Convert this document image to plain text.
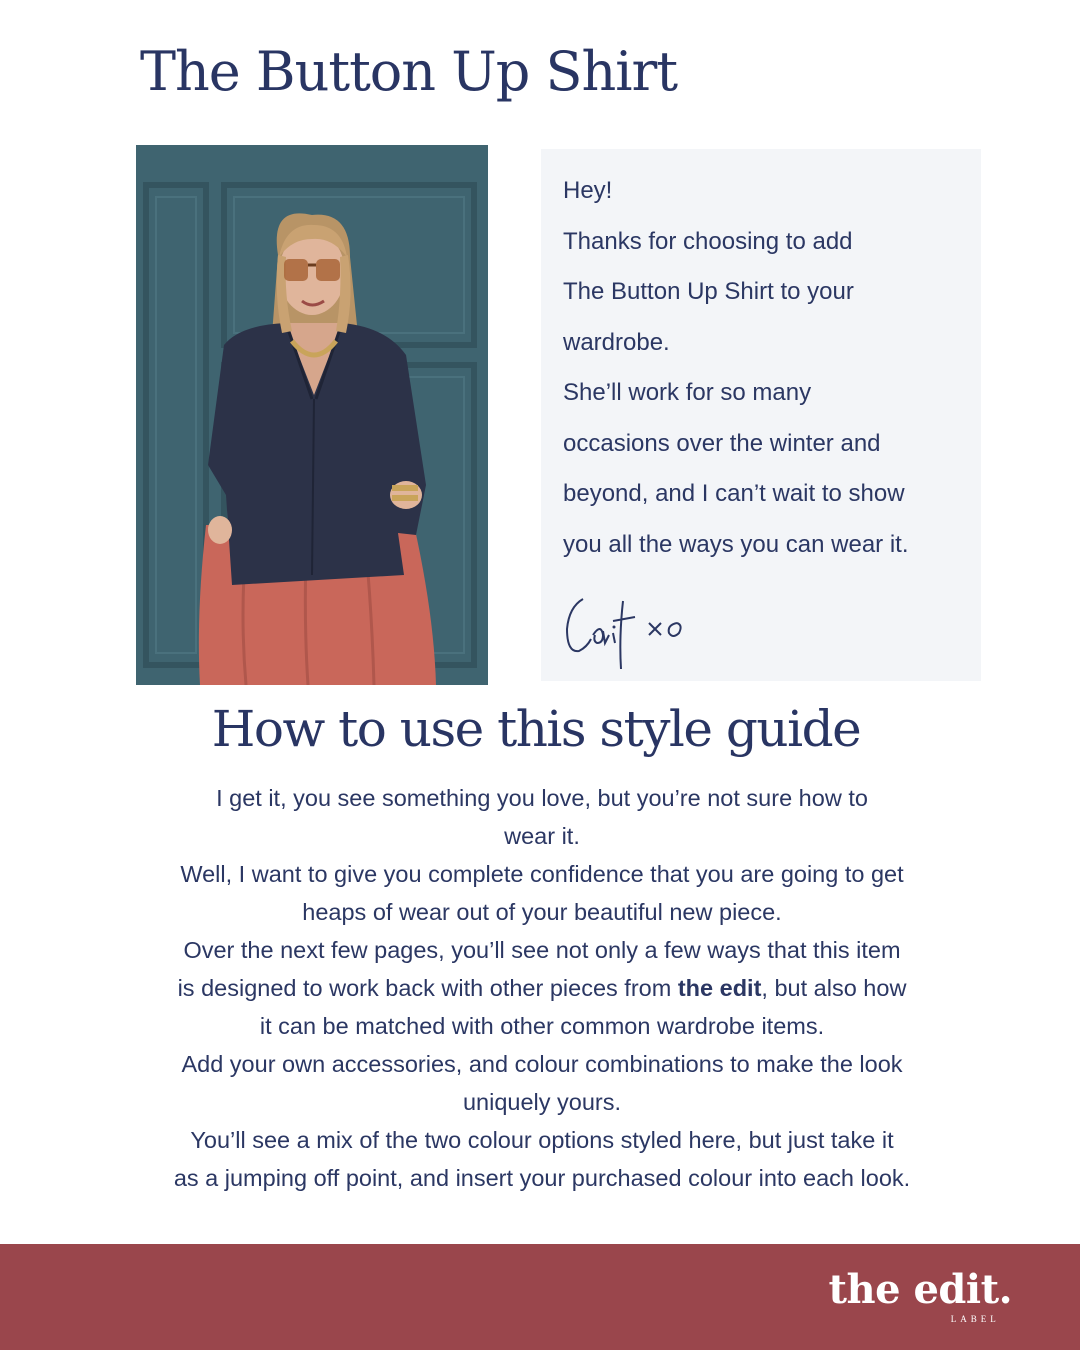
The Button Up Shirt
Hey!
Thanks for choosing to add
The Button Up Shirt to your
wardrobe.
She’ll work for so many
occasions over the winter and
beyond, and I can’t wait to show
you all the ways you can wear it.
How to use this style guide
I get it, you see something you love, but you’re not sure how to
wear it.
Well, I want to give you complete confidence that you are going to get
heaps of wear out of your beautiful new piece.
Over the next few pages, you’ll see not only a few ways that this item
is designed to work back with other pieces from the edit, but also how
it can be matched with other common wardrobe items.
Add your own accessories, and colour combinations to make the look
uniquely yours.
You’ll see a mix of the two colour options styled here, but just take it
as a jumping off point, and insert your purchased colour into each look.
the edit.
LABEL
